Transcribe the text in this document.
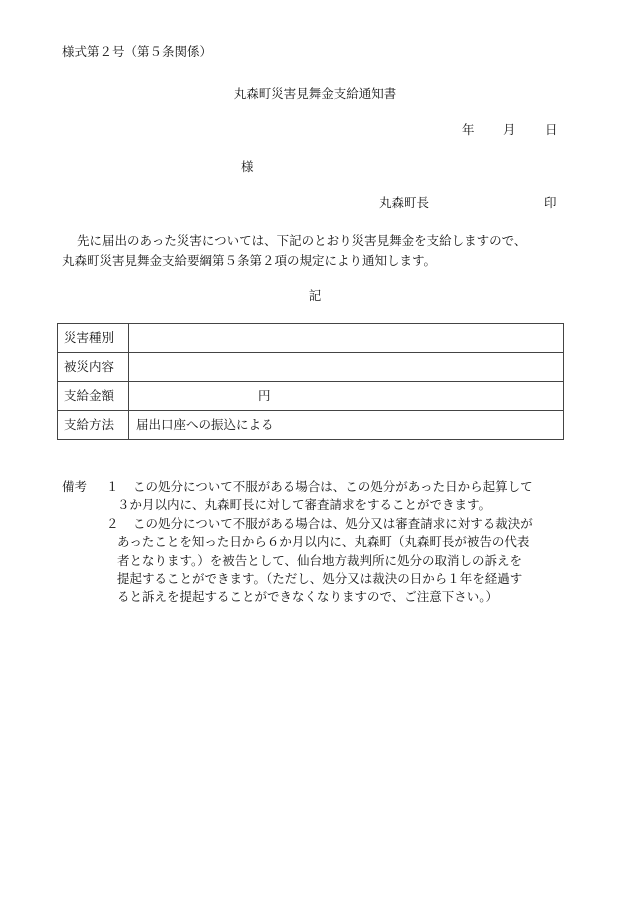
様式第２号（第５条関係）
丸森町災害見舞金支給通知書
年 月 日
様
丸森町長	印
先に届出のあった災害については、下記のとおり災害見舞金を支給しますので、
丸森町災害見舞金支給要綱第５条第２項の規定により通知します。
記
災害種別	
被災内容	
支給金額	円
支給方法	届出口座への振込による
備考 １ この処分について不服がある場合は、この処分があった日から起算して
３か月以内に、丸森町長に対して審査請求をすることができます。
２ この処分について不服がある場合は、処分又は審査請求に対する裁決が
あったことを知った日から６か月以内に、丸森町（丸森町長が被告の代表
者となります。）を被告として、仙台地方裁判所に処分の取消しの訴えを
提起することができます。（ただし、処分又は裁決の日から１年を経過す
ると訴えを提起することができなくなりますので、ご注意下さい。）
